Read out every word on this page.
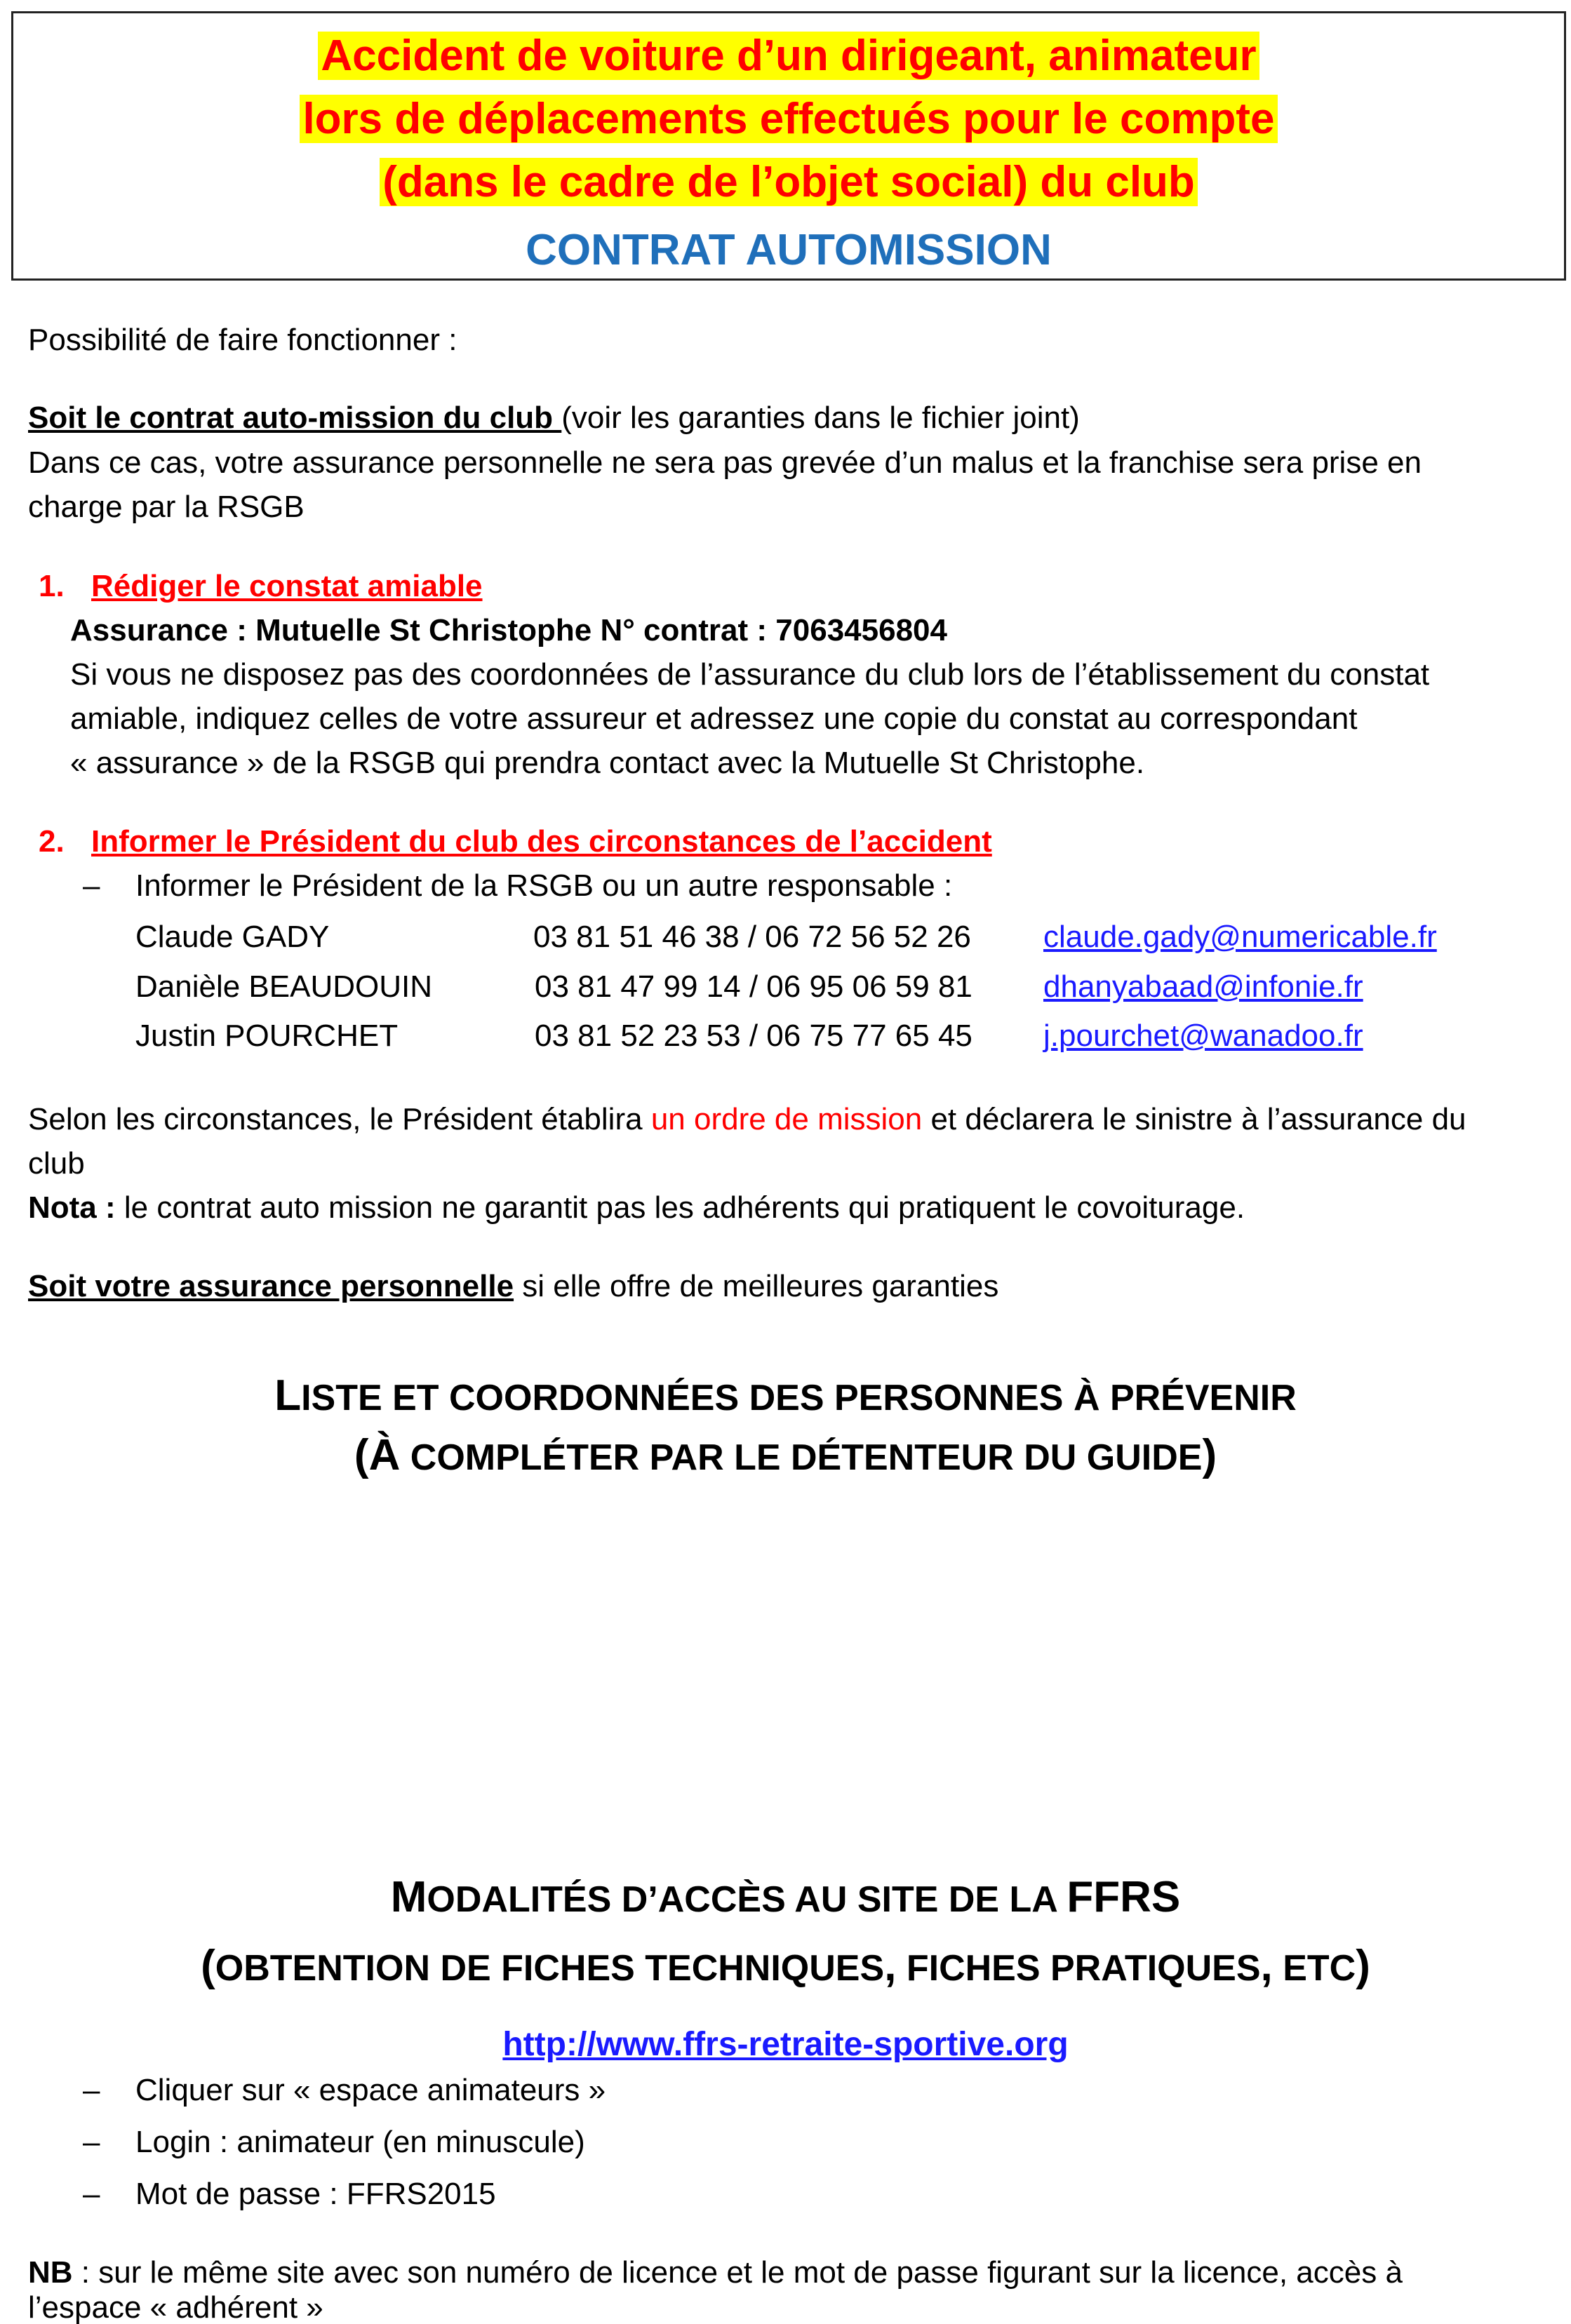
Accident de voiture d’un dirigeant, animateur
lors de déplacements effectués pour le compte
(dans le cadre de l’objet social) du club
CONTRAT AUTOMISSION
Possibilité de faire fonctionner :
Soit le contrat auto-mission du club (voir les garanties dans le fichier joint)
Dans ce cas, votre assurance personnelle ne sera pas grevée d’un malus et la franchise sera prise en
charge par la RSGB
1. Rédiger le constat amiable
Assurance : Mutuelle St Christophe N° contrat : 7063456804
Si vous ne disposez pas des coordonnées de l’assurance du club lors de l’établissement du constat
amiable, indiquez celles de votre assureur et adressez une copie du constat au correspondant
« assurance » de la RSGB qui prendra contact avec la Mutuelle St Christophe.
2. Informer le Président du club des circonstances de l’accident
– Informer le Président de la RSGB ou un autre responsable :
Claude GADY	03 81 51 46 38 / 06 72 56 52 26 claude.gady@numericable.fr
Danièle BEAUDOUIN	03 81 47 99 14 / 06 95 06 59 81 dhanyabaad@infonie.fr
Justin POURCHET	03 81 52 23 53 / 06 75 77 65 45 j.pourchet@wanadoo.fr
Selon les circonstances, le Président établira un ordre de mission et déclarera le sinistre à l’assurance du
club
Nota : le contrat auto mission ne garantit pas les adhérents qui pratiquent le covoiturage.
Soit votre assurance personnelle si elle offre de meilleures garanties
LISTE ET COORDONNÉES DES PERSONNES À PRÉVENIR
(À COMPLÉTER PAR LE DÉTENTEUR DU GUIDE)
MODALITÉS D’ACCÈS AU SITE DE LA FFRS
(OBTENTION DE FICHES TECHNIQUES, FICHES PRATIQUES, ETC)
http://www.ffrs-retraite-sportive.org
– Cliquer sur « espace animateurs »
– Login : animateur (en minuscule)
– Mot de passe : FFRS2015
NB : sur le même site avec son numéro de licence et le mot de passe figurant sur la licence, accès à
l’espace « adhérent »
